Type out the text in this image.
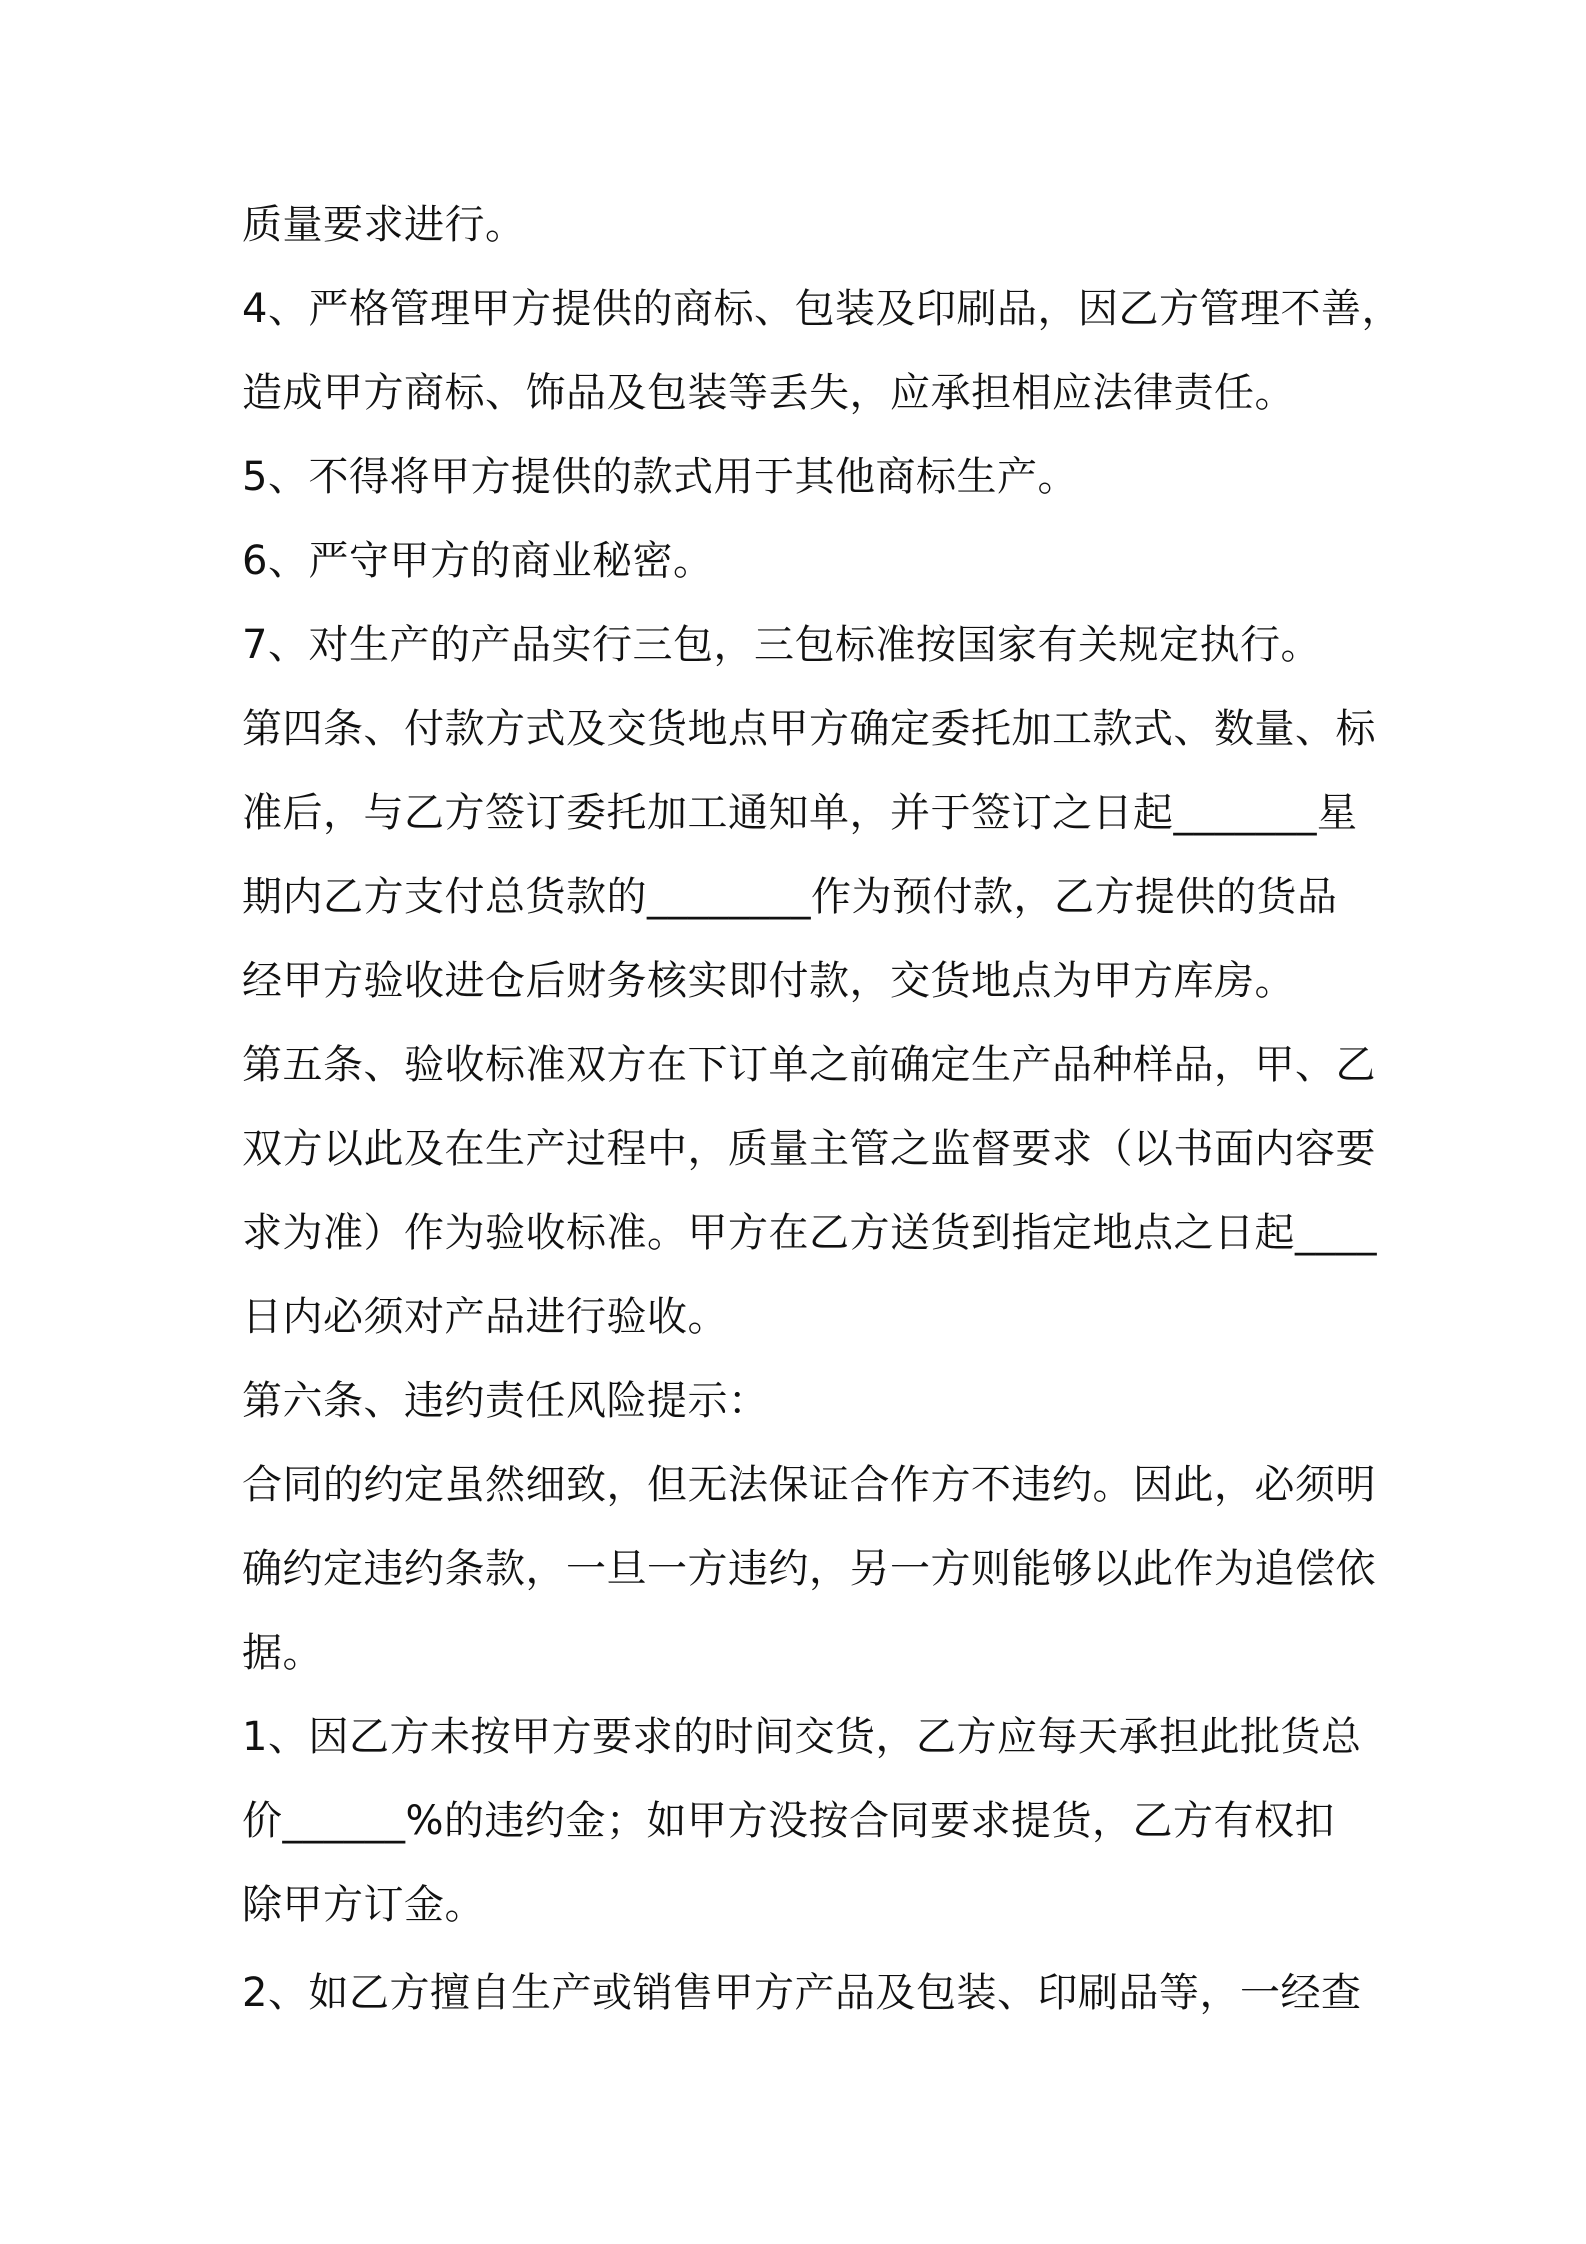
质量要求进行。
4、严格管理甲方提供的商标、包装及印刷品，因乙方管理不善，
造成甲方商标、饰品及包装等丢失，应承担相应法律责任。
5、不得将甲方提供的款式用于其他商标生产。
6、严守甲方的商业秘密。
7、对生产的产品实行三包，三包标准按国家有关规定执行。
第四条、付款方式及交货地点甲方确定委托加工款式、数量、标
准后，与乙方签订委托加工通知单，并于签订之日起_______星
期内乙方支付总货款的________作为预付款，乙方提供的货品
经甲方验收进仓后财务核实即付款，交货地点为甲方库房。
第五条、验收标准双方在下订单之前确定生产品种样品，甲、乙
双方以此及在生产过程中，质量主管之监督要求（以书面内容要
求为准）作为验收标准。甲方在乙方送货到指定地点之日起____
日内必须对产品进行验收。
第六条、违约责任风险提示：
合同的约定虽然细致，但无法保证合作方不违约。因此，必须明
确约定违约条款，一旦一方违约，另一方则能够以此作为追偿依
据。
1、因乙方未按甲方要求的时间交货，乙方应每天承担此批货总
价______%的违约金；如甲方没按合同要求提货，乙方有权扣
除甲方订金。
2、如乙方擅自生产或销售甲方产品及包装、印刷品等，一经查
